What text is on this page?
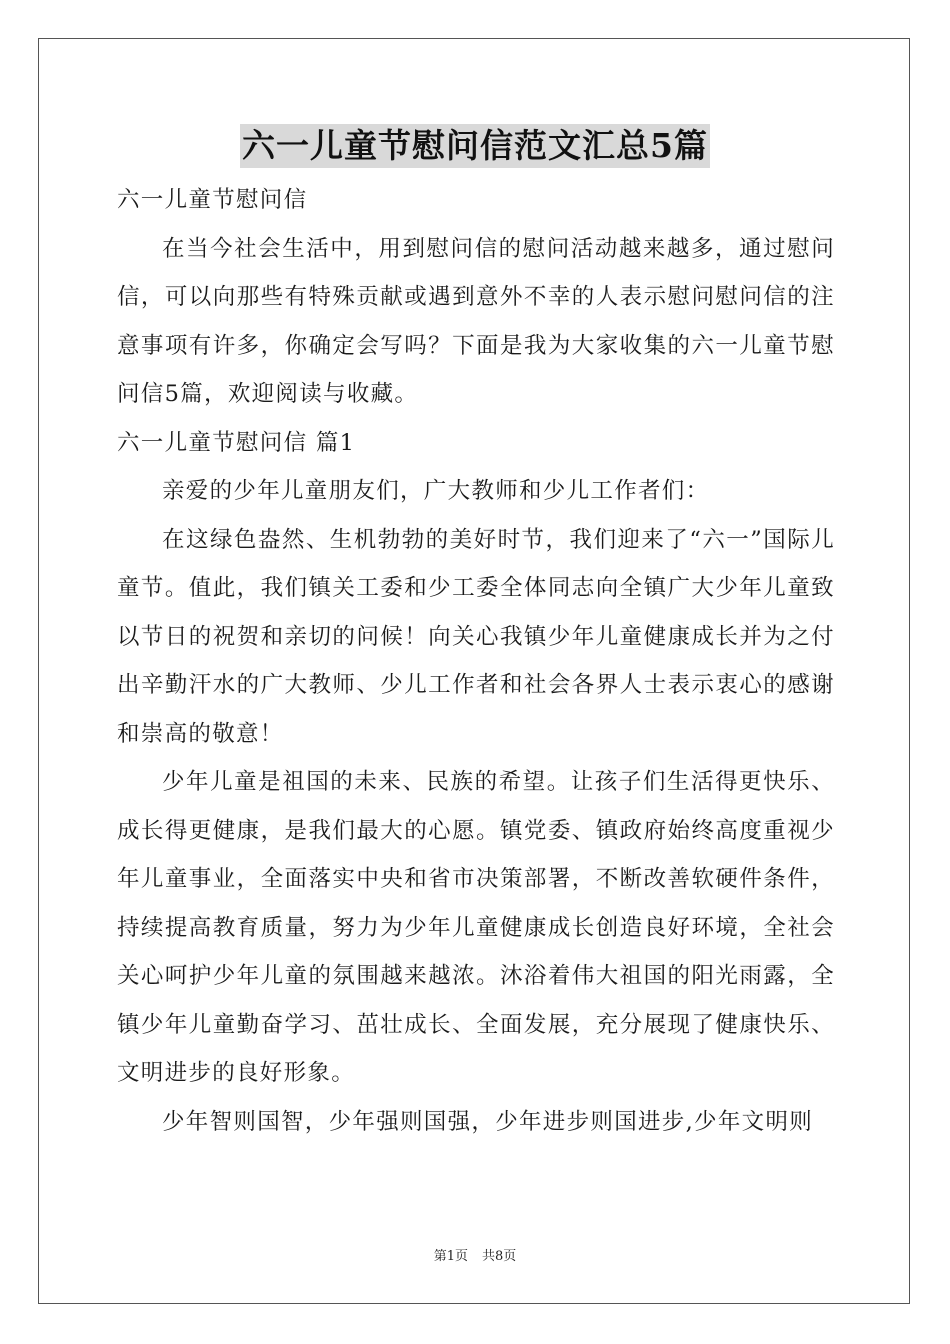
六一儿童节慰问信范文汇总5篇

六一儿童节慰问信

在当今社会生活中，用到慰问信的慰问活动越来越多，通过慰问信，可以向那些有特殊贡献或遇到意外不幸的人表示慰问慰问信的注意事项有许多，你确定会写吗？下面是我为大家收集的六一儿童节慰问信5篇，欢迎阅读与收藏。

六一儿童节慰问信 篇1

亲爱的少年儿童朋友们，广大教师和少儿工作者们：

在这绿色盎然、生机勃勃的美好时节，我们迎来了“六一”国际儿童节。值此，我们镇关工委和少工委全体同志向全镇广大少年儿童致以节日的祝贺和亲切的问候！向关心我镇少年儿童健康成长并为之付出辛勤汗水的广大教师、少儿工作者和社会各界人士表示衷心的感谢和崇高的敬意！

少年儿童是祖国的未来、民族的希望。让孩子们生活得更快乐、成长得更健康，是我们最大的心愿。镇党委、镇政府始终高度重视少年儿童事业，全面落实中央和省市决策部署，不断改善软硬件条件，持续提高教育质量，努力为少年儿童健康成长创造良好环境，全社会关心呵护少年儿童的氛围越来越浓。沐浴着伟大祖国的阳光雨露，全镇少年儿童勤奋学习、茁壮成长、全面发展，充分展现了健康快乐、文明进步的良好形象。

少年智则国智，少年强则国强，少年进步则国进步,少年文明则

第1页 共8页
